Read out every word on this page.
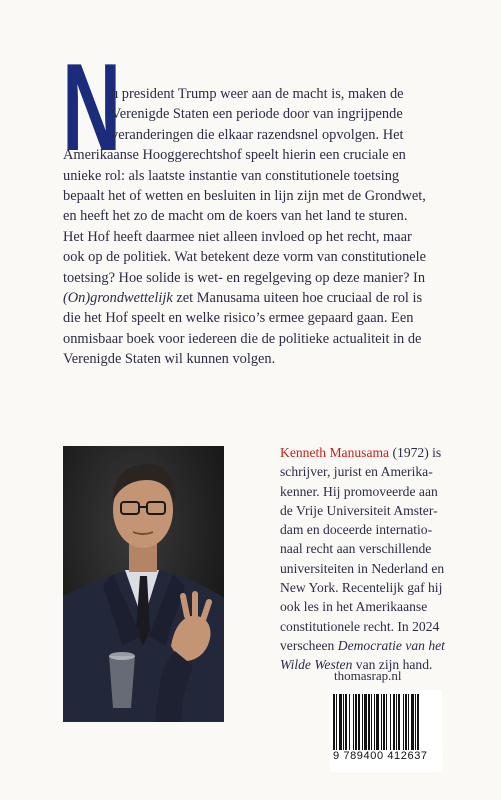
N
u president Trump weer aan de macht is, maken de
Verenigde Staten een periode door van ingrijpende
veranderingen die elkaar razendsnel opvolgen. Het
Amerikaanse Hooggerechtshof speelt hierin een cruciale en
unieke rol: als laatste instantie van constitutionele toetsing
bepaalt het of wetten en besluiten in lijn zijn met de Grondwet,
en heeft het zo de macht om de koers van het land te sturen.
Het Hof heeft daarmee niet alleen invloed op het recht, maar
ook op de politiek. Wat betekent deze vorm van constitutionele
toetsing? Hoe solide is wet- en regelgeving op deze manier? In
(On)grondwettelijk zet Manusama uiteen hoe cruciaal de rol is
die het Hof speelt en welke risico’s ermee gepaard gaan. Een
onmisbaar boek voor iedereen die de politieke actualiteit in de
Verenigde Staten wil kunnen volgen.
Kenneth Manusama (1972) is
schrijver, jurist en Amerika-
kenner. Hij promoveerde aan
de Vrije Universiteit Amster-
dam en doceerde internatio-
naal recht aan verschillende
universiteiten in Nederland en
New York. Recentelijk gaf hij
ook les in het Amerikaanse
constitutionele recht. In 2024
verscheen Democratie van het
Wilde Westen van zijn hand.
thomasrap.nl
9 789400 412637
